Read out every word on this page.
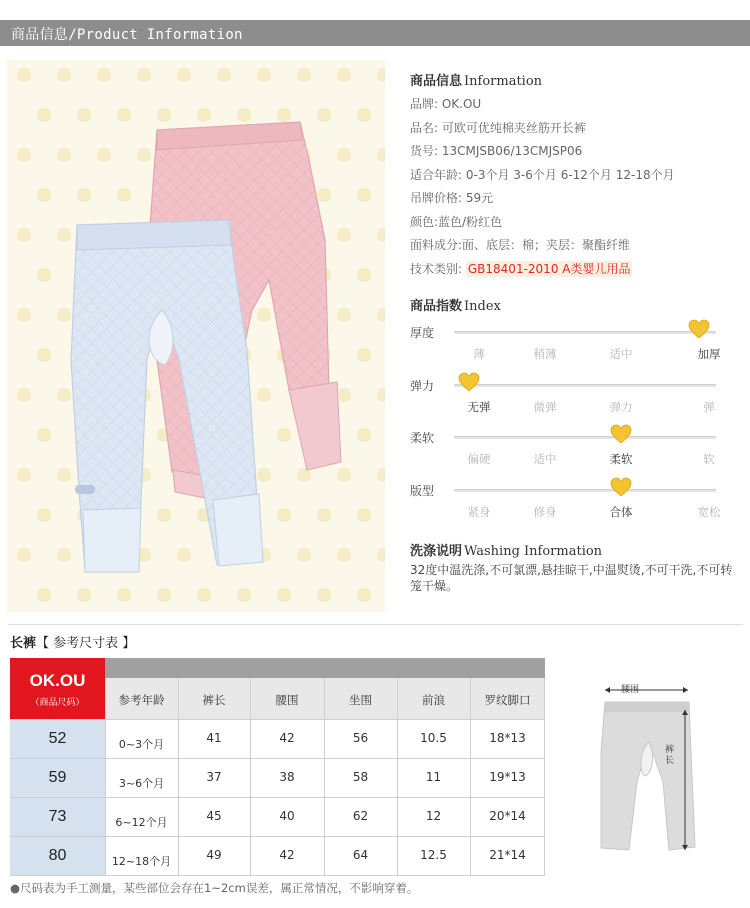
商品信息/Product Information
商品信息 Information
品牌: OK.OU
品名: 可欧可优纯棉夹丝筋开长裤
货号: 13CMJSB06/13CMJSP06
适合年龄: 0-3个月 3-6个月 6-12个月 12-18个月
吊牌价格: 59元
颜色:蓝色/粉红色
面料成分:面、底层：棉；夹层：聚酯纤维
技术类别: GB18401-2010 A类婴儿用品
商品指数 Index
厚度
薄	稍薄	适中	加厚
弹力
无弹	微弹	弹力	弹
柔软
偏硬	适中	柔软	软
版型
紧身	修身	合体	宽松
洗涤说明 Washing Information
32度中温洗涤,不可氯漂,悬挂晾干,中温熨烫,不可干洗,不可转笼干燥。
长裤【 参考尺寸表 】
OK.OU
（商品尺码）	参考年龄	裤长	腰围	坐围	前浪	罗纹脚口
52	0~3个月	41	42	56	10.5	18*13
59	3~6个月	37	38	58	11	19*13
73	6~12个月	45	40	62	12	20*14
80	12~18个月	49	42	64	12.5	21*14
腰围
裤长
●尺码表为手工测量，某些部位会存在1~2cm误差，属正常情况，不影响穿着。
